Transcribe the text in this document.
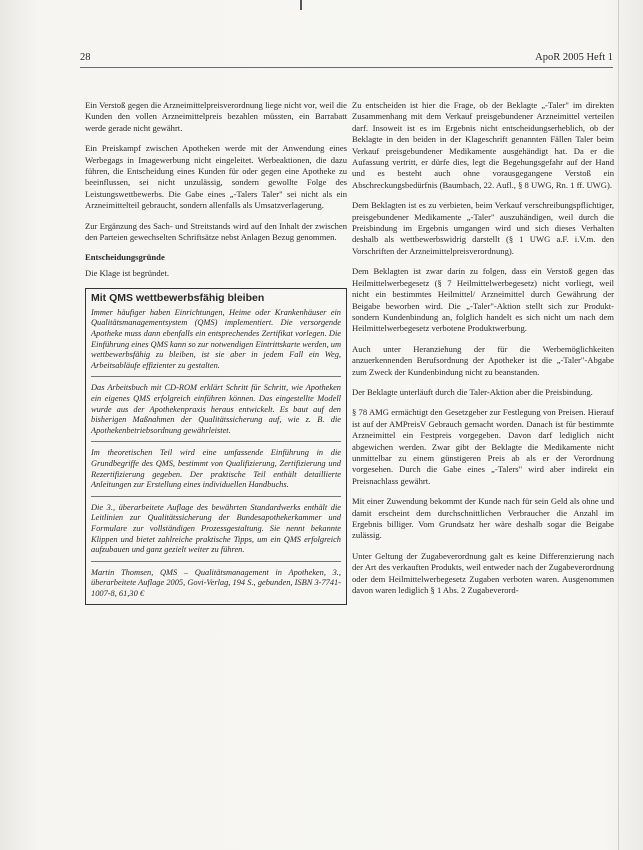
28	ApoR 2005 Heft 1

Ein Verstoß gegen die Arzneimittelpreisverordnung liege nicht vor, weil die Kunden den vollen Arzneimittelpreis bezahlen müssten, ein Barrabatt werde gerade nicht gewährt.

Ein Preiskampf zwischen Apotheken werde mit der Anwendung eines Werbegags in Imagewerbung nicht eingeleitet. Werbeaktionen, die dazu führen, die Entscheidung eines Kunden für oder gegen eine Apotheke zu beeinflussen, sei nicht unzulässig, sondern gewollte Folge des Leistungswettbewerbs. Die Gabe eines „-Talers Taler" sei nicht als ein Arzneimittelteil gebraucht, sondern allenfalls als Umsatzverlagerung.

Zur Ergänzung des Sach- und Streitstands wird auf den Inhalt der zwischen den Parteien gewechselten Schriftsätze nebst Anlagen Bezug genommen.

Entscheidungsgründe

Die Klage ist begründet.

Mit QMS wettbewerbsfähig bleiben

Immer häufiger haben Einrichtungen, Heime oder Krankenhäuser ein Qualitätsmanagementsystem (QMS) implementiert. Die versorgende Apotheke muss dann ebenfalls ein entsprechendes Zertifikat vorlegen. Die Einführung eines QMS kann so zur notwendigen Eintrittskarte werden, um wettbewerbsfähig zu bleiben, ist sie aber in jedem Fall ein Weg, Arbeitsabläufe effizienter zu gestalten.

Das Arbeitsbuch mit CD-ROM erklärt Schritt für Schritt, wie Apotheken ein eigenes QMS erfolgreich einführen können. Das eingestellte Modell wurde aus der Apothekenpraxis heraus entwickelt. Es baut auf den bisherigen Maßnahmen der Qualitätssicherung auf, wie z. B. die Apothekenbetriebsordnung gewährleistet.

Im theoretischen Teil wird eine umfassende Einführung in die Grundbegriffe des QMS, bestimmt von Qualifizierung, Zertifizierung und Rezertifizierung gegeben. Der praktische Teil enthält detaillierte Anleitungen zur Erstellung eines individuellen Handbuchs.

Die 3., überarbeitete Auflage des bewährten Standardwerks enthält die Leitlinien zur Qualitätssicherung der Bundesapothekerkammer und Formulare zur vollständigen Prozessgestaltung. Sie nennt bekannte Klippen und bietet zahlreiche praktische Tipps, um ein QMS erfolgreich aufzubauen und ganz gezielt weiter zu führen.

Martin Thomsen, QMS – Qualitätsmanagement in Apotheken, 3., überarbeitete Auflage 2005, Govi-Verlag, 194 S., gebunden, ISBN 3-7741-1007-8, 61,30 €

Zu entscheiden ist hier die Frage, ob der Beklagte „-Taler" im direkten Zusammenhang mit dem Verkauf preisgebundener Arzneimittel verteilen darf. Insoweit ist es im Ergebnis nicht entscheidungserheblich, ob der Beklagte in den beiden in der Klageschrift genannten Fällen Taler beim Verkauf preisgebundener Medikamente ausgehändigt hat. Da er die Aufassung vertritt, er dürfe dies, legt die Begehungsgefahr auf der Hand und es besteht auch ohne vorausgegangene Verstoß ein Abschreckungsbedürfnis (Baumbach, 22. Aufl., § 8 UWG, Rn. 1 ff. UWG).

Dem Beklagten ist es zu verbieten, beim Verkauf verschreibungspflichtiger, preisgebundener Medikamente „-Taler" auszuhändigen, weil durch die Preisbindung im Ergebnis umgangen wird und sich dieses Verhalten deshalb als wettbewerbswidrig darstellt (§ 1 UWG a.F. i.V.m. den Vorschriften der Arzneimittelpreisverordnung).

Dem Beklagten ist zwar darin zu folgen, dass ein Verstoß gegen das Heilmittelwerbegesetz (§ 7 Heilmittelwerbegesetz) nicht vorliegt, weil nicht ein bestimmtes Heilmittel/ Arzneimittel durch Gewährung der Beigabe beworben wird. Die „-Taler"-Aktion stellt sich zur Produkt- sondern Kundenbindung an, folglich handelt es sich nicht um nach dem Heilmittelwerbegesetz verbotene Produktwerbung.

Auch unter Heranziehung der für die Werbemöglichkeiten anzuerkennenden Berufsordnung der Apotheker ist die „-Taler"-Abgabe zum Zweck der Kundenbindung nicht zu beanstanden.

Der Beklagte unterläuft durch die Taler-Aktion aber die Preisbindung.

§ 78 AMG ermächtigt den Gesetzgeber zur Festlegung von Preisen. Hierauf ist auf der AMPreisV Gebrauch gemacht worden. Danach ist für bestimmte Arzneimittel ein Festpreis vorgegeben. Davon darf lediglich nicht abgewichen werden. Zwar gibt der Beklagte die Medikamente nicht unmittelbar zu einem günstigeren Preis ab als er der Verordnung vorgesehen. Durch die Gabe eines „-Talers" wird aber indirekt ein Preisnachlass gewährt.

Mit einer Zuwendung bekommt der Kunde nach für sein Geld als ohne und damit erscheint dem durchschnittlichen Verbraucher die Anzahl im Ergebnis billiger. Vom Grundsatz her wäre deshalb sogar die Beigabe zulässig.

Unter Geltung der Zugabeverordnung galt es keine Differenzierung nach der Art des verkauften Produkts, weil entweder nach der Zugabeverordnung oder dem Heilmittelwerbegesetz Zugaben verboten waren. Ausgenommen davon waren lediglich § 1 Abs. 2 Zugabeverord-
